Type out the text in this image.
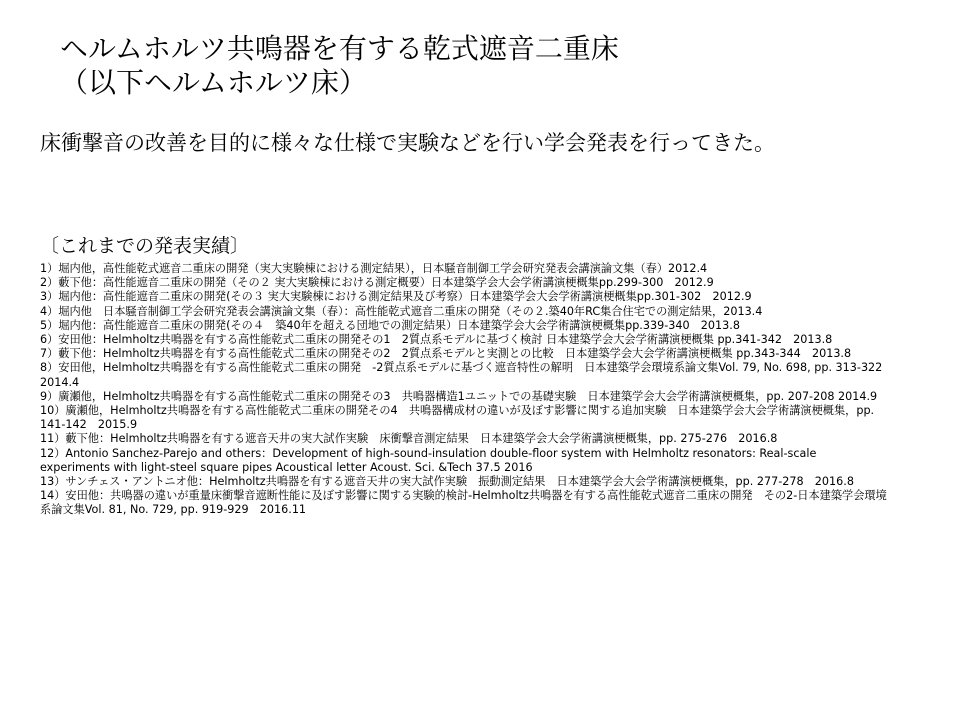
ヘルムホルツ共鳴器を有する乾式遮音二重床
（以下ヘルムホルツ床）

床衝撃音の改善を目的に様々な仕様で実験などを行い学会発表を行ってきた。

〔これまでの発表実績〕
1）堀内他，高性能乾式遮音二重床の開発（実大実験棟における測定結果），日本騒音制御工学会研究発表会講演論文集（春）2012.4
2）藪下他：高性能遮音二重床の開発（その２ 実大実験棟における測定概要）日本建築学会大会学術講演梗概集pp.299-300　2012.9
3）堀内他：高性能遮音二重床の開発(その３ 実大実験棟における測定結果及び考察）日本建築学会大会学術講演梗概集pp.301-302　2012.9
4）堀内他　日本騒音制御工学会研究発表会講演論文集（春）：高性能乾式遮音二重床の開発（その２.築40年RC集合住宅での測定結果，2013.4
5）堀内他：高性能遮音二重床の開発(その４　築40年を超える団地での測定結果）日本建築学会大会学術講演梗概集pp.339-340　2013.8
6）安田他：Helmholtz共鳴器を有する高性能乾式二重床の開発その1　2質点系モデルに基づく検討 日本建築学会大会学術講演梗概集 pp.341-342　2013.8
7）藪下他：Helmholtz共鳴器を有する高性能乾式二重床の開発その2　2質点系モデルと実測との比較　日本建築学会大会学術講演梗概集 pp.343-344　2013.8
8）安田他，Helmholtz共鳴器を有する高性能乾式二重床の開発　-2質点系モデルに基づく遮音特性の解明　日本建築学会環境系論文集Vol. 79, No. 698, pp. 313-322　2014.4
9）廣瀬他，Helmholtz共鳴器を有する高性能乾式二重床の開発その3　共鳴器構造1ユニットでの基礎実験　日本建築学会大会学術講演梗概集，pp. 207-208 2014.9
10）廣瀬他，Helmholtz共鳴器を有する高性能乾式二重床の開発その4　共鳴器構成材の違いが及ぼす影響に関する追加実験　日本建築学会大会学術講演梗概集，pp. 141-142　2015.9
11）藪下他：Helmholtz共鳴器を有する遮音天井の実大試作実験　床衝撃音測定結果　日本建築学会大会学術講演梗概集，pp. 275-276　2016.8
12）Antonio Sanchez-Parejo and others：Development of high-sound-insulation double-floor system with Helmholtz resonators: Real-scale experiments with light-steel square pipes Acoustical letter Acoust. Sci. &Tech 37.5 2016
13）サンチェス・アントニオ他：Helmholtz共鳴器を有する遮音天井の実大試作実験　振動測定結果　日本建築学会大会学術講演梗概集，pp. 277-278　2016.8
14）安田他：共鳴器の違いが重量床衝撃音遮断性能に及ぼす影響に関する実験的検討-Helmholtz共鳴器を有する高性能乾式遮音二重床の開発　その2-日本建築学会環境系論文集Vol. 81, No. 729, pp. 919-929　2016.11
